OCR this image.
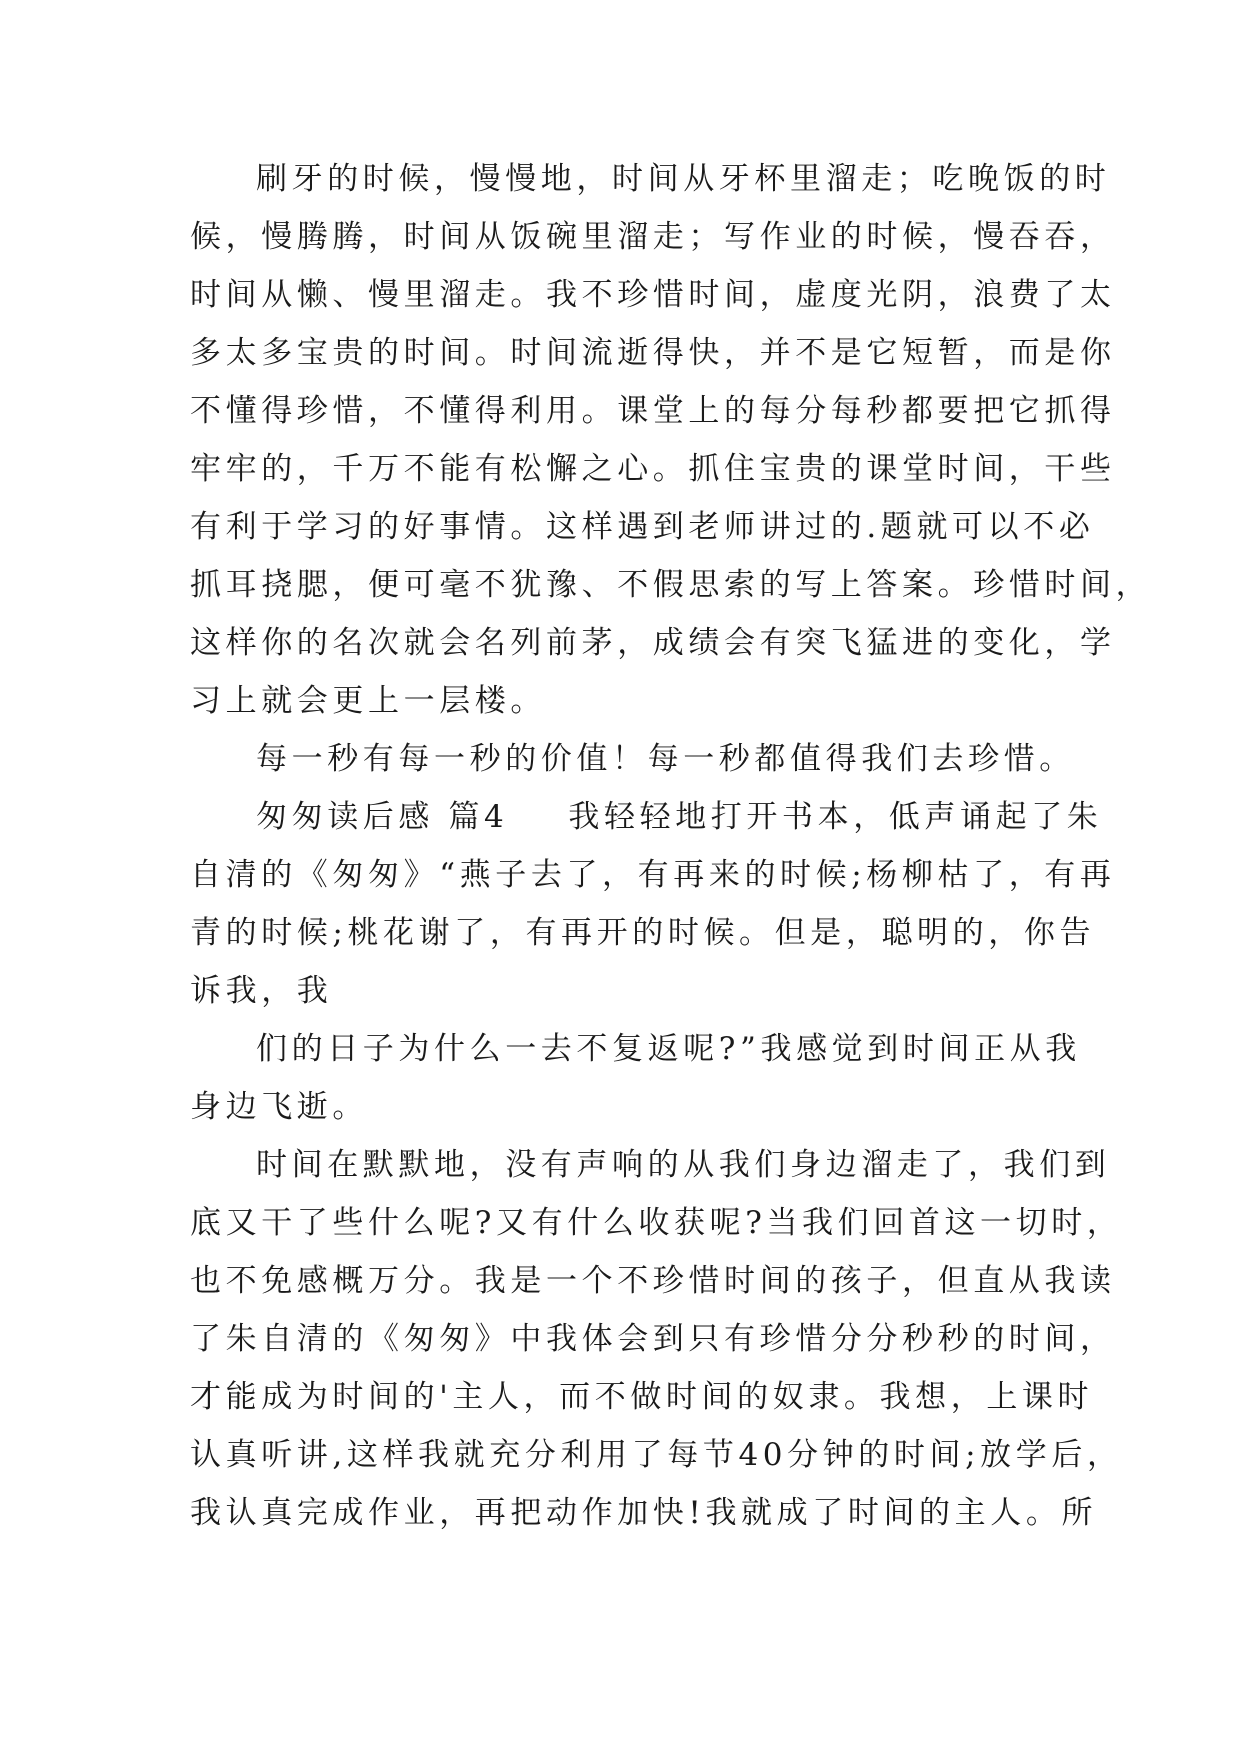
刷牙的时候，慢慢地，时间从牙杯里溜走；吃晚饭的时
候，慢腾腾，时间从饭碗里溜走；写作业的时候，慢吞吞，
时间从懒、慢里溜走。我不珍惜时间，虚度光阴，浪费了太
多太多宝贵的时间。时间流逝得快，并不是它短暂，而是你
不懂得珍惜，不懂得利用。课堂上的每分每秒都要把它抓得
牢牢的，千万不能有松懈之心。抓住宝贵的课堂时间，干些
有利于学习的好事情。这样遇到老师讲过的.题就可以不必
抓耳挠腮，便可毫不犹豫、不假思索的写上答案。珍惜时间，
这样你的名次就会名列前茅，成绩会有突飞猛进的变化，学
习上就会更上一层楼。
每一秒有每一秒的价值！每一秒都值得我们去珍惜。
匆匆读后感 篇4 我轻轻地打开书本，低声诵起了朱
自清的《匆匆》“燕子去了，有再来的时候;杨柳枯了，有再
青的时候;桃花谢了，有再开的时候。但是，聪明的，你告
诉我，我
们的日子为什么一去不复返呢?”我感觉到时间正从我
身边飞逝。
时间在默默地，没有声响的从我们身边溜走了，我们到
底又干了些什么呢?又有什么收获呢?当我们回首这一切时，
也不免感概万分。我是一个不珍惜时间的孩子，但直从我读
了朱自清的《匆匆》中我体会到只有珍惜分分秒秒的时间，
才能成为时间的'主人，而不做时间的奴隶。我想，上课时
认真听讲,这样我就充分利用了每节40分钟的时间;放学后，
我认真完成作业，再把动作加快!我就成了时间的主人。所
